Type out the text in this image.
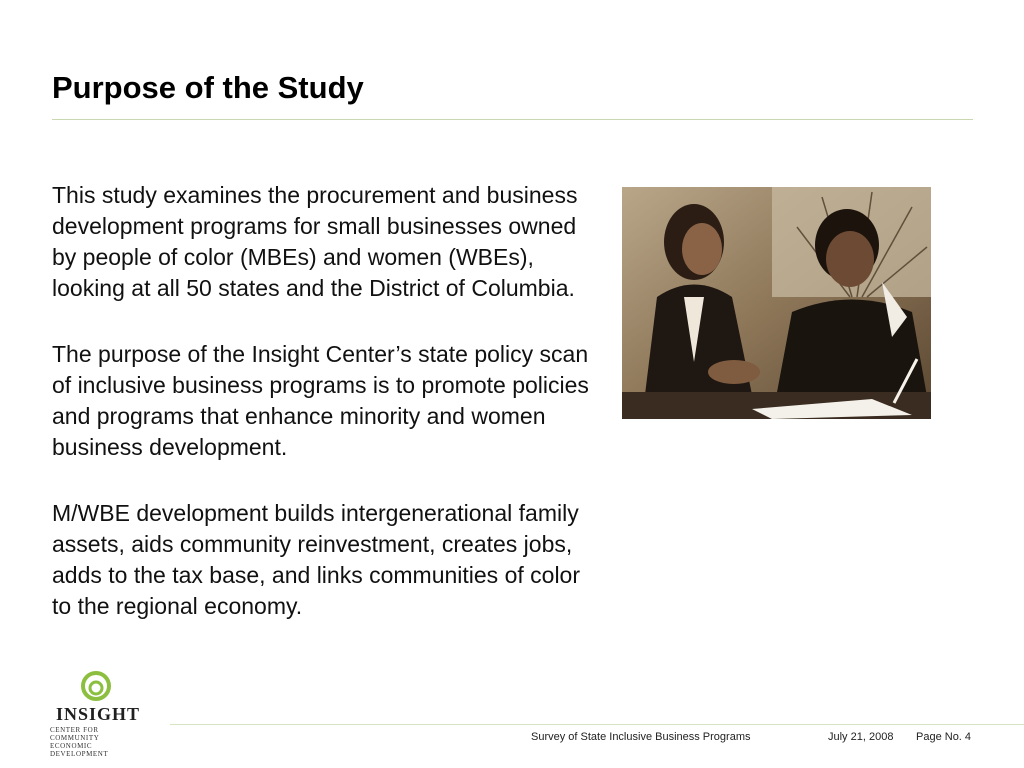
Purpose of the Study

This study examines the procurement and business development programs for small businesses owned by people of color (MBEs) and women (WBEs), looking at all 50 states and the District of Columbia.

The purpose of the Insight Center’s state policy scan of inclusive business programs is to promote policies and programs that enhance minority and women business development.

M/WBE development builds intergenerational family assets, aids community reinvestment, creates jobs, adds to the tax base, and links communities of color to the regional economy.

INSIGHT
CENTER FOR COMMUNITY
ECONOMIC DEVELOPMENT
Survey of State Inclusive Business Programs	July 21, 2008 Page No. 4
